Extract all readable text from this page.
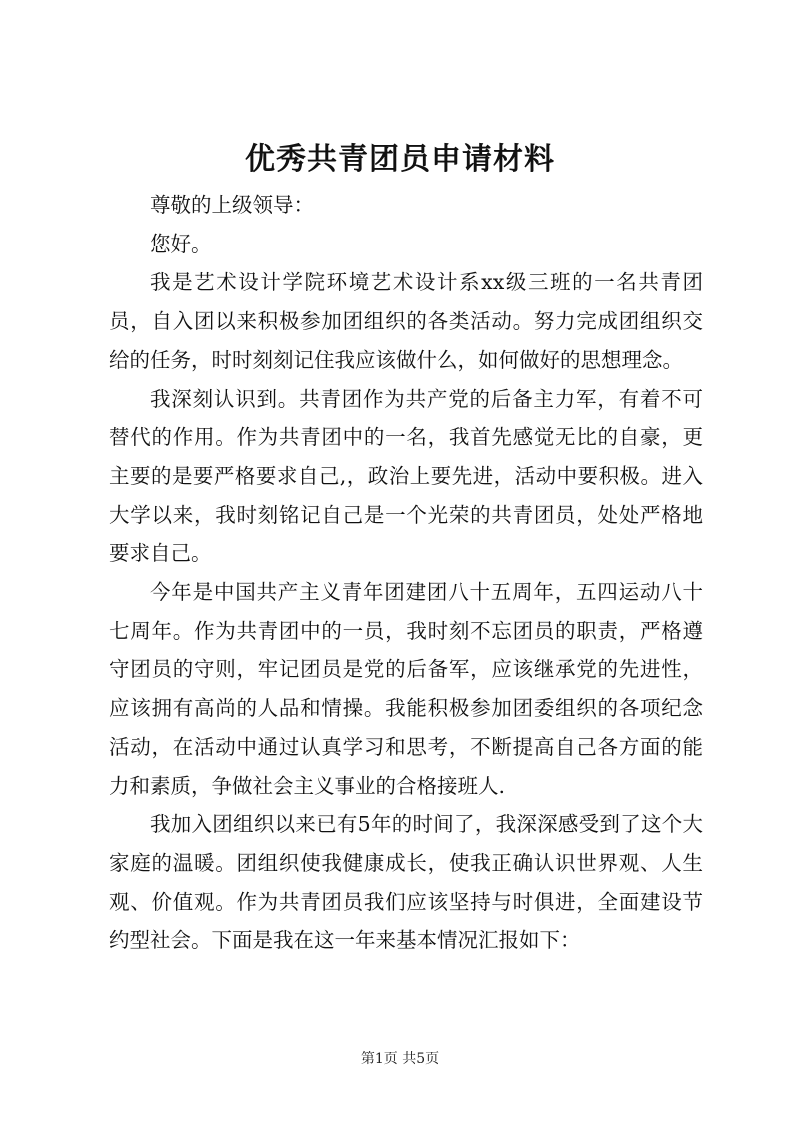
优秀共青团员申请材料

尊敬的上级领导：

您好。

我是艺术设计学院环境艺术设计系xx级三班的一名共青团员，自入团以来积极参加团组织的各类活动。努力完成团组织交给的任务，时时刻刻记住我应该做什么，如何做好的思想理念。

我深刻认识到。共青团作为共产党的后备主力军，有着不可替代的作用。作为共青团中的一名，我首先感觉无比的自豪，更主要的是要严格要求自己,，政治上要先进，活动中要积极。进入大学以来，我时刻铭记自己是一个光荣的共青团员，处处严格地要求自己。

今年是中国共产主义青年团建团八十五周年，五四运动八十七周年。作为共青团中的一员，我时刻不忘团员的职责，严格遵守团员的守则，牢记团员是党的后备军，应该继承党的先进性，应该拥有高尚的人品和情操。我能积极参加团委组织的各项纪念活动，在活动中通过认真学习和思考，不断提高自己各方面的能力和素质，争做社会主义事业的合格接班人.

我加入团组织以来已有5年的时间了，我深深感受到了这个大家庭的温暖。团组织使我健康成长，使我正确认识世界观、人生观、价值观。作为共青团员我们应该坚持与时俱进，全面建设节约型社会。下面是我在这一年来基本情况汇报如下：

第1页 共5页
